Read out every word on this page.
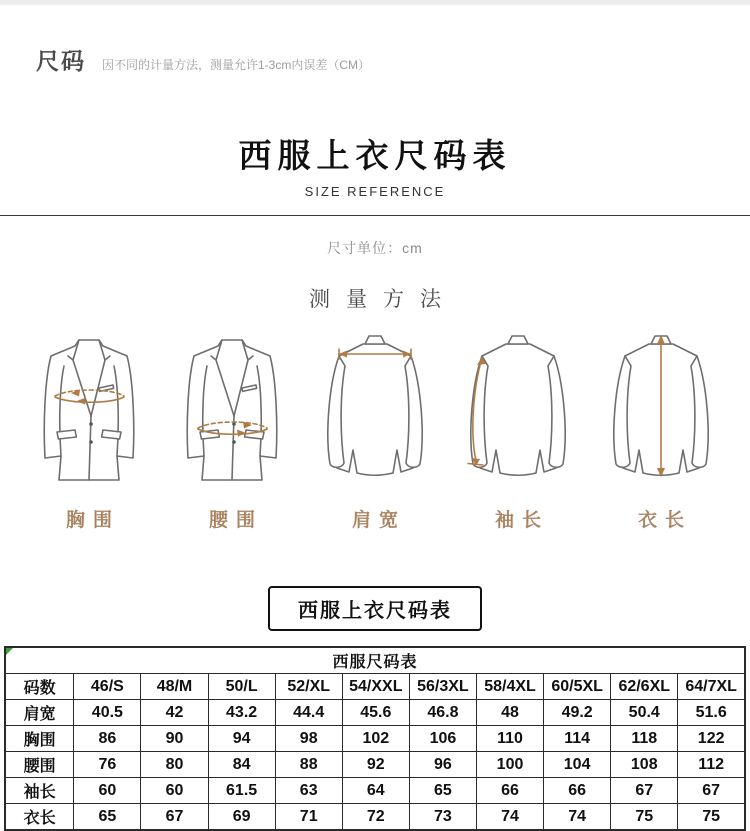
尺码 因不同的计量方法，测量允许1-3cm内误差（CM）
西服上衣尺码表
SIZE REFERENCE
尺寸单位：cm
测量方法
胸围	腰围	肩宽	袖长	衣长
西服上衣尺码表
西服尺码表										

码数	46/S	48/M	50/L	52/XL	54/XXL	56/3XL	58/4XL	60/5XL	62/6XL	64/7XL
肩宽	40.5	42	43.2	44.4	45.6	46.8	48	49.2	50.4	51.6
胸围	86	90	94	98	102	106	110	114	118	122
腰围	76	80	84	88	92	96	100	104	108	112
袖长	60	60	61.5	63	64	65	66	66	67	67
衣长	65	67	69	71	72	73	74	74	75	75
